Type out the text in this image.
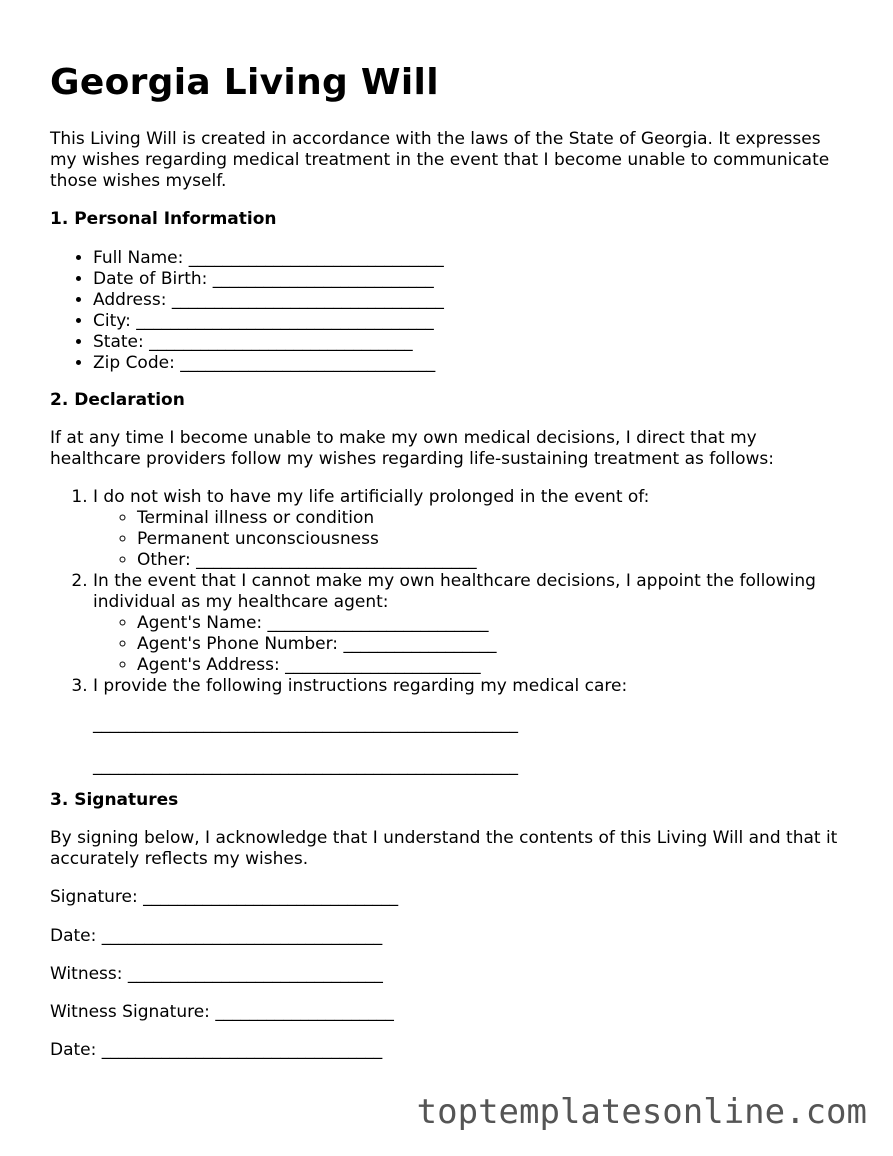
Georgia Living Will

This Living Will is created in accordance with the laws of the State of Georgia. It expresses my wishes regarding medical treatment in the event that I become unable to communicate those wishes myself.

1. Personal Information
• Full Name: ______________________________
• Date of Birth: __________________________
• Address: ________________________________
• City: ___________________________________
• State: _______________________________
• Zip Code: ______________________________
2. Declaration

If at any time I become unable to make my own medical decisions, I direct that my healthcare providers follow my wishes regarding life-sustaining treatment as follows:

1. I do not wish to have my life artificially prolonged in the event of:
◦ Terminal illness or condition
◦ Permanent unconsciousness
◦ Other: _________________________________
2. In the event that I cannot make my own healthcare decisions, I appoint the following individual as my healthcare agent:
◦ Agent's Name: __________________________
◦ Agent's Phone Number: __________________
◦ Agent's Address: _______________________
3. I provide the following instructions regarding my medical care:
__________________________________________________
__________________________________________________
3. Signatures

By signing below, I acknowledge that I understand the contents of this Living Will and that it accurately reflects my wishes.

Signature: ______________________________
Date: _________________________________
Witness: ______________________________
Witness Signature: _____________________
Date: _________________________________
toptemplatesonline.com
